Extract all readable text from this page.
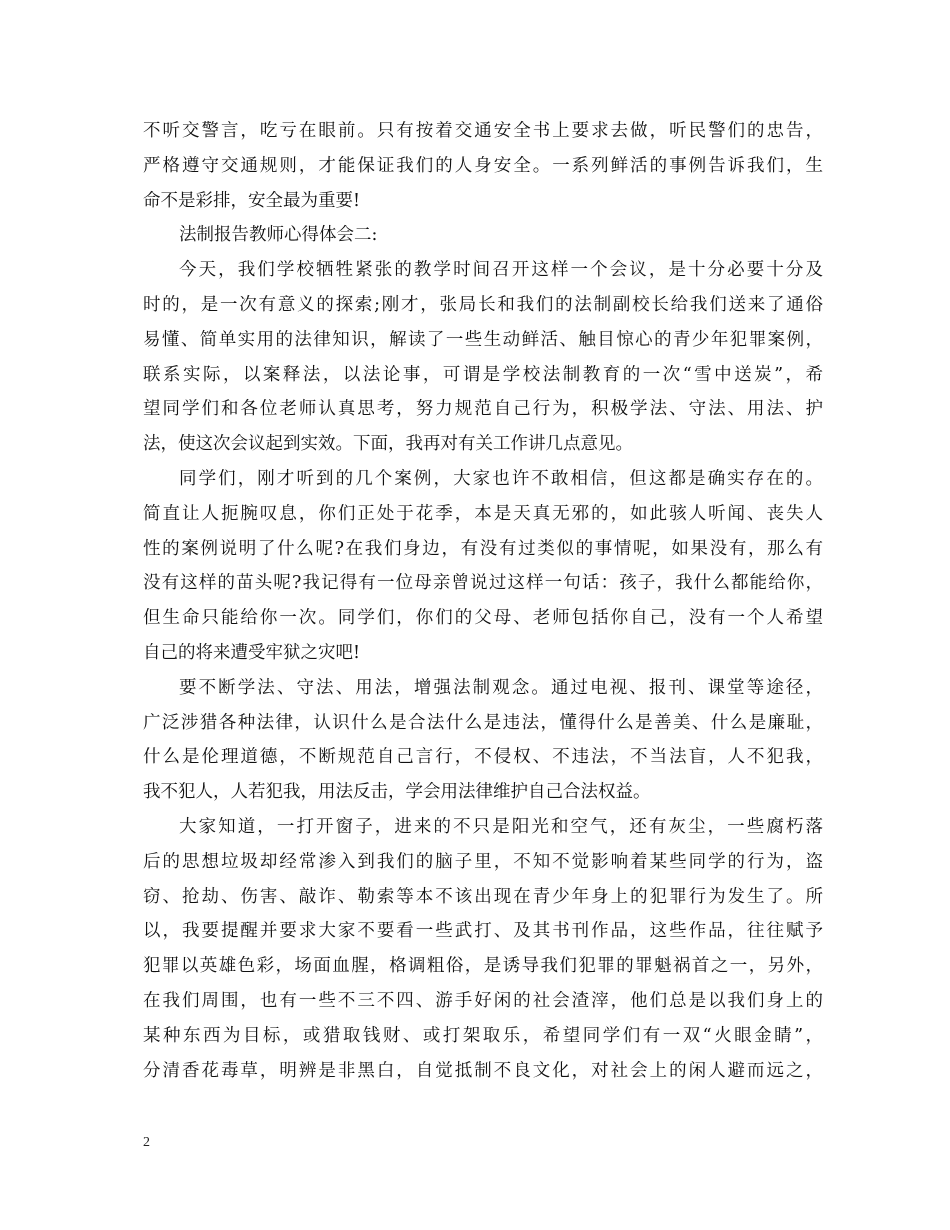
不听交警言，吃亏在眼前。只有按着交通安全书上要求去做，听民警们的忠告，
严格遵守交通规则，才能保证我们的人身安全。一系列鲜活的事例告诉我们，生
命不是彩排，安全最为重要!
法制报告教师心得体会二:
今天，我们学校牺牲紧张的教学时间召开这样一个会议，是十分必要十分及
时的，是一次有意义的探索;刚才，张局长和我们的法制副校长给我们送来了通俗
易懂、简单实用的法律知识，解读了一些生动鲜活、触目惊心的青少年犯罪案例，
联系实际，以案释法，以法论事，可谓是学校法制教育的一次“雪中送炭”，希
望同学们和各位老师认真思考，努力规范自己行为，积极学法、守法、用法、护
法，使这次会议起到实效。下面，我再对有关工作讲几点意见。
同学们，刚才听到的几个案例，大家也许不敢相信，但这都是确实存在的。
简直让人扼腕叹息，你们正处于花季，本是天真无邪的，如此骇人听闻、丧失人
性的案例说明了什么呢?在我们身边，有没有过类似的事情呢，如果没有，那么有
没有这样的苗头呢?我记得有一位母亲曾说过这样一句话：孩子，我什么都能给你，
但生命只能给你一次。同学们，你们的父母、老师包括你自己，没有一个人希望
自己的将来遭受牢狱之灾吧!
要不断学法、守法、用法，增强法制观念。通过电视、报刊、课堂等途径，
广泛涉猎各种法律，认识什么是合法什么是违法，懂得什么是善美、什么是廉耻，
什么是伦理道德，不断规范自己言行，不侵权、不违法，不当法盲，人不犯我，
我不犯人，人若犯我，用法反击，学会用法律维护自己合法权益。
大家知道，一打开窗子，进来的不只是阳光和空气，还有灰尘，一些腐朽落
后的思想垃圾却经常渗入到我们的脑子里，不知不觉影响着某些同学的行为，盗
窃、抢劫、伤害、敲诈、勒索等本不该出现在青少年身上的犯罪行为发生了。所
以，我要提醒并要求大家不要看一些武打、及其书刊作品，这些作品，往往赋予
犯罪以英雄色彩，场面血腥，格调粗俗，是诱导我们犯罪的罪魁祸首之一，另外，
在我们周围，也有一些不三不四、游手好闲的社会渣滓，他们总是以我们身上的
某种东西为目标，或猎取钱财、或打架取乐，希望同学们有一双“火眼金睛”，
分清香花毒草，明辨是非黑白，自觉抵制不良文化，对社会上的闲人避而远之，
2
